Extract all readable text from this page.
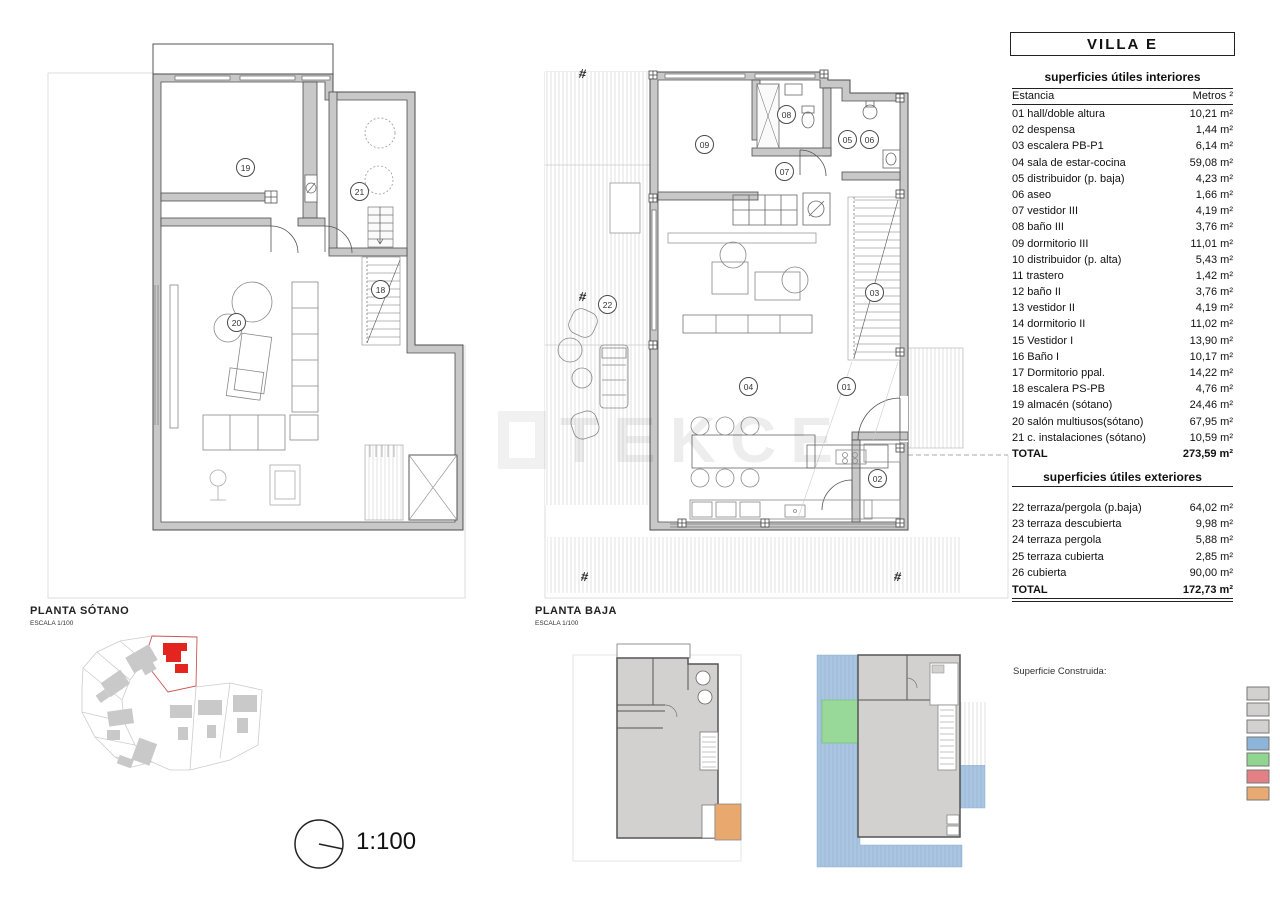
#
#
#	#
19
21
18
20
09
08
05	06
07
03
22
04	01
02
PLANTA SÓTANO
ESCALA 1/100
PLANTA BAJA
ESCALA 1/100
VILLA E
superficies útiles interiores
Estancia	Metros ²
01 hall/doble altura	10,21 m²
02 despensa	1,44 m²
03 escalera PB-P1	6,14 m²
04 sala de estar-cocina	59,08 m²
05 distribuidor (p. baja)	4,23 m²
06 aseo	1,66 m²
07 vestidor III	4,19 m²
08 baño III	3,76 m²
09 dormitorio III	11,01 m²
10 distribuidor (p. alta)	5,43 m²
11 trastero	1,42 m²
12 baño II	3,76 m²
13 vestidor II	4,19 m²
14 dormitorio II	11,02 m²
15 Vestidor I	13,90 m²
16 Baño I	10,17 m²
17 Dormitorio ppal.	14,22 m²
18 escalera PS-PB	4,76 m²
19 almacén (sótano)	24,46 m²
20 salón multiusos(sótano)	67,95 m²
21 c. instalaciones (sótano)	10,59 m²
TOTAL	273,59 m²
superficies útiles exteriores
22 terraza/pergola (p.baja)	64,02 m²
23 terraza descubierta	9,98 m²
24 terraza pergola	5,88 m²
25 terraza cubierta	2,85 m²
26 cubierta	90,00 m²
TOTAL	172,73 m²
1:100
Superficie Construida:
